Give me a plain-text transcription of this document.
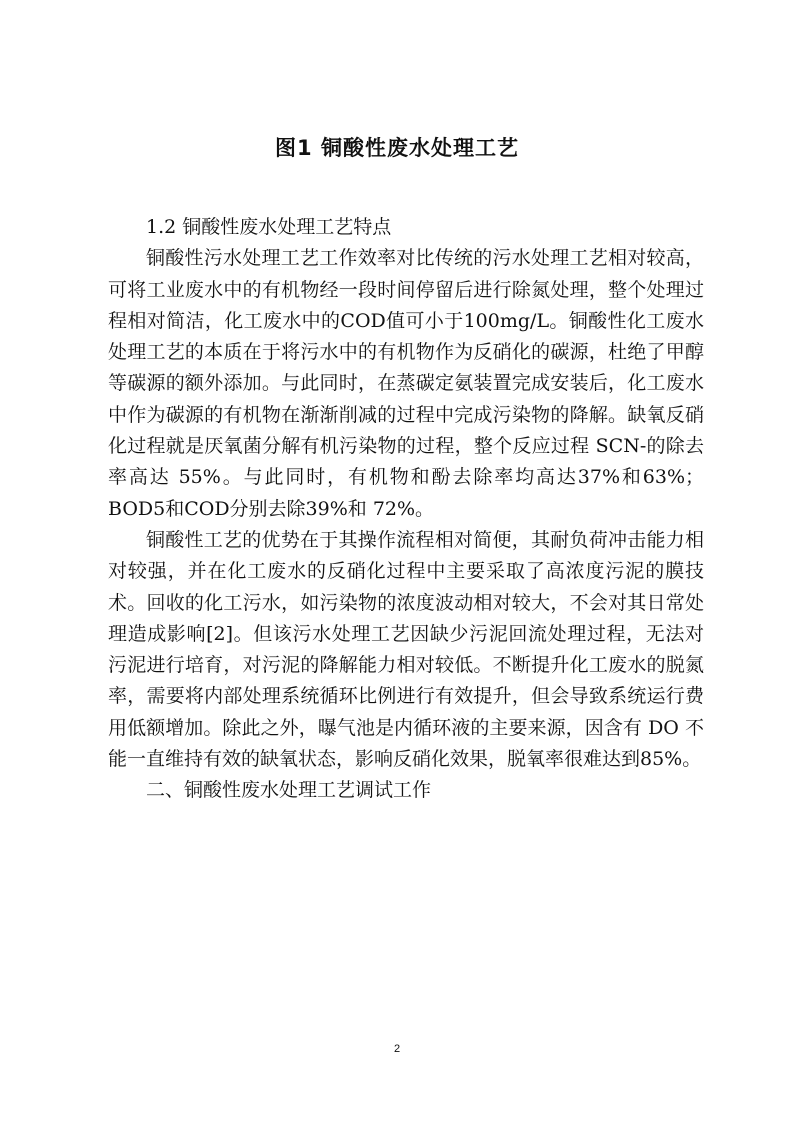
图1 铜酸性废水处理工艺

1.2 铜酸性废水处理工艺特点

铜酸性污水处理工艺工作效率对比传统的污水处理工艺相对较高，可将工业废水中的有机物经一段时间停留后进行除氮处理，整个处理过程相对简洁，化工废水中的COD值可小于100mg/L。铜酸性化工废水处理工艺的本质在于将污水中的有机物作为反硝化的碳源，杜绝了甲醇等碳源的额外添加。与此同时，在蒸碳定氨装置完成安装后，化工废水中作为碳源的有机物在渐渐削减的过程中完成污染物的降解。缺氧反硝化过程就是厌氧菌分解有机污染物的过程，整个反应过程 SCN-的除去率高达 55%。与此同时，有机物和酚去除率均高达37%和63%；BOD5和COD分别去除39%和 72%。

铜酸性工艺的优势在于其操作流程相对简便，其耐负荷冲击能力相对较强，并在化工废水的反硝化过程中主要采取了高浓度污泥的膜技术。回收的化工污水，如污染物的浓度波动相对较大，不会对其日常处理造成影响[2]。但该污水处理工艺因缺少污泥回流处理过程，无法对污泥进行培育，对污泥的降解能力相对较低。不断提升化工废水的脱氮率，需要将内部处理系统循环比例进行有效提升，但会导致系统运行费用低额增加。除此之外，曝气池是内循环液的主要来源，因含有 DO 不能一直维持有效的缺氧状态，影响反硝化效果，脱氧率很难达到85%。

二、铜酸性废水处理工艺调试工作

2
